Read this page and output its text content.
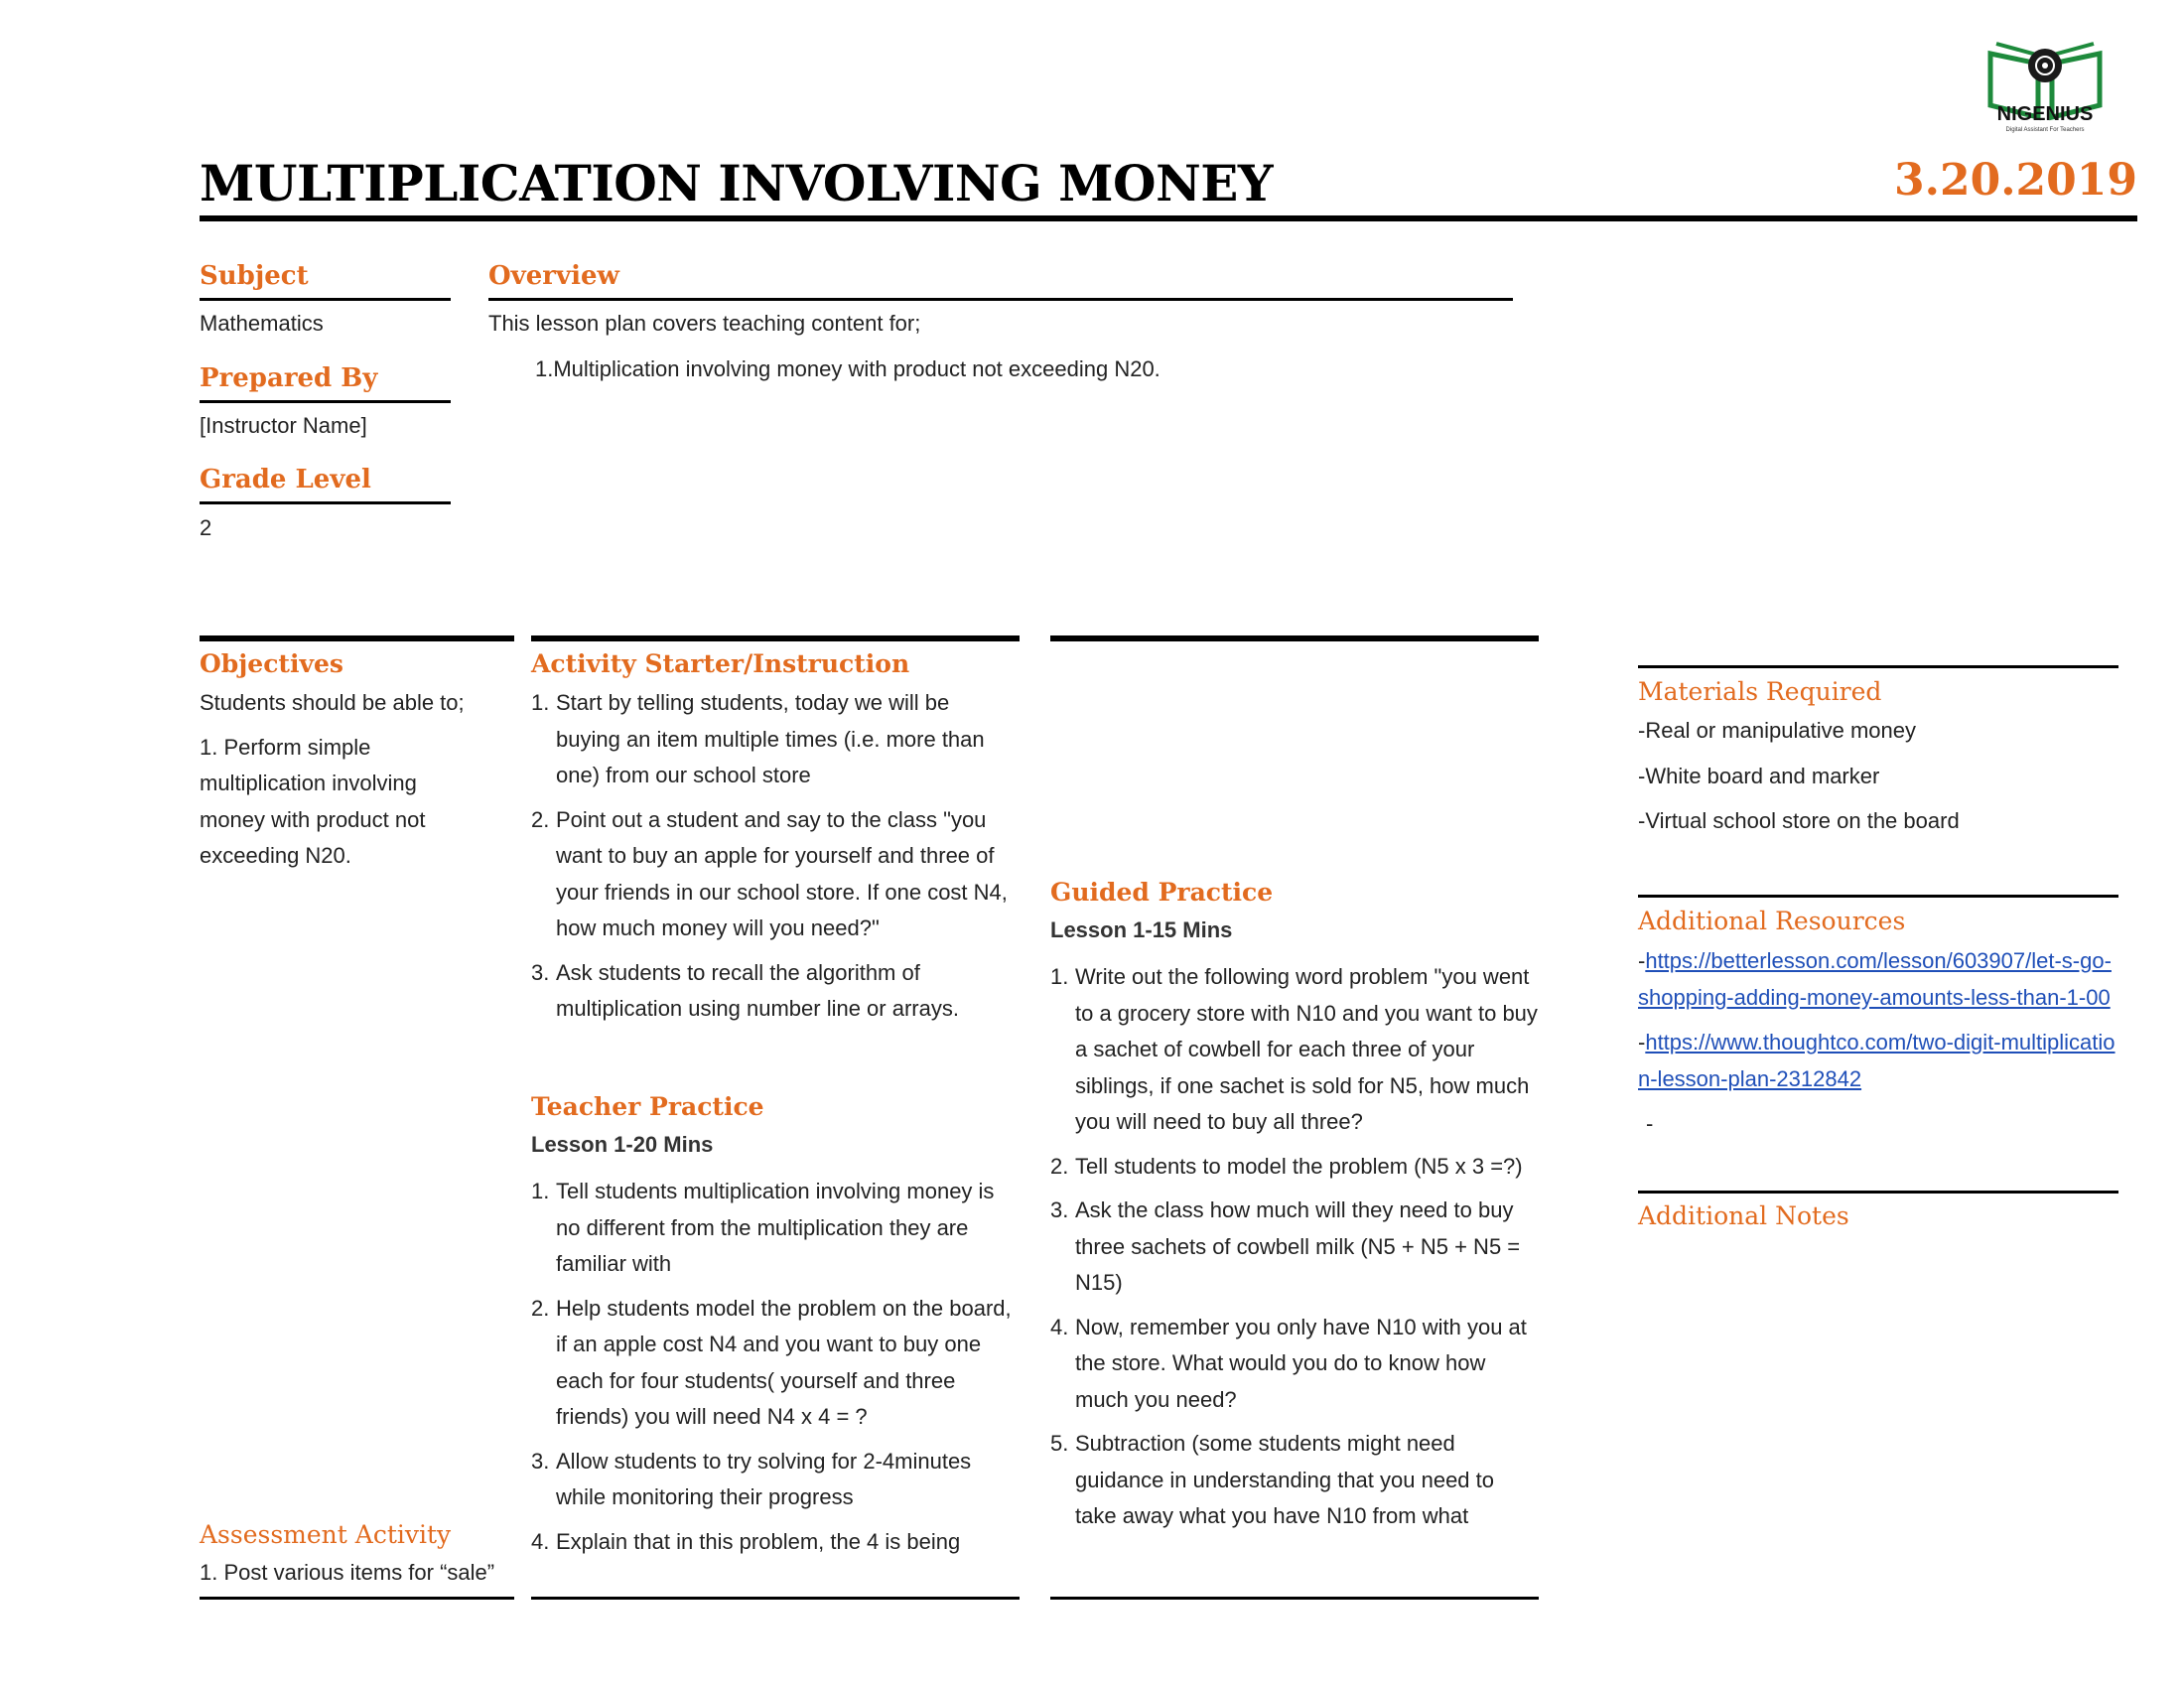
NIGENIUS
Digital Assistant For Teachers
MULTIPLICATION INVOLVING MONEY	3.20.2019
Subject
Mathematics
Prepared By
[Instructor Name]
Grade Level
2
Overview
This lesson plan covers teaching content for;
1.Multiplication involving money with product not exceeding N20.
Objectives

Students should be able to;

1. Perform simple multiplication involving money with product not exceeding N20.

Assessment Activity
1. Post various items for “sale”
Activity Starter/Instruction
1. Start by telling students, today we will be buying an item multiple times (i.e. more than one) from our school store
2. Point out a student and say to the class "you want to buy an apple for yourself and three of your friends in our school store. If one cost N4, how much money will you need?"
3. Ask students to recall the algorithm of multiplication using number line or arrays.
Teacher Practice
Lesson 1-20 Mins
1. Tell students multiplication involving money is no different from the multiplication they are familiar with
2. Help students model the problem on the board, if an apple cost N4 and you want to buy one each for four students( yourself and three friends) you will need N4 x 4 = ?
3. Allow students to try solving for 2-4minutes while monitoring their progress
4. Explain that in this problem, the 4 is being
Guided Practice
Lesson 1-15 Mins
1. Write out the following word problem "you went to a grocery store with N10 and you want to buy a sachet of cowbell for each three of your siblings, if one sachet is sold for N5, how much you will need to buy all three?
2. Tell students to model the problem (N5 x 3 =?)
3. Ask the class how much will they need to buy three sachets of cowbell milk (N5 + N5 + N5 = N15)
4. Now, remember you only have N10 with you at the store. What would you do to know how much you need?
5. Subtraction (some students might need guidance in understanding that you need to take away what you have N10 from what
Materials Required

-Real or manipulative money

-White board and marker

-Virtual school store on the board

Additional Resources

-https://betterlesson.com/lesson/603907/let-s-go-shopping-adding-money-amounts-less-than-1-00

-https://www.thoughtco.com/two-digit-multiplication-lesson-plan-2312842

-

Additional Notes
